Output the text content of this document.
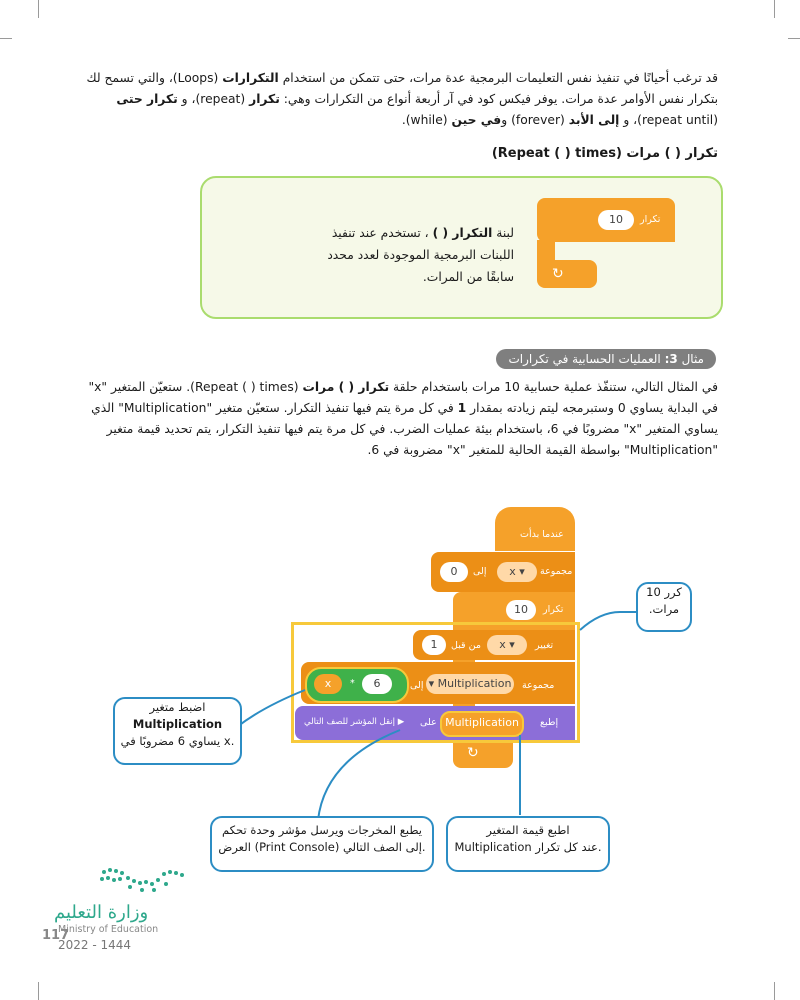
قد ترغب أحيانًا في تنفيذ نفس التعليمات البرمجية عدة مرات، حتى تتمكن من استخدام التكرارات (Loops)، والتي تسمح لك بتكرار نفس الأوامر عدة مرات. يوفر فيكس كود في آر أربعة أنواع من التكرارات وهي: تكرار (repeat)، و تكرار حتى (repeat until)، و إلى الأبد (forever) وفي حين (while).
تكرار ( ) مرات (Repeat ( ) times)
لبنة التكرار ( ) ، تستخدم عند تنفيذ اللبنات البرمجية الموجودة لعدد محدد سابقًا من المرات.
10	تكرار
↻
مثال 3: العمليات الحسابية في تكرارات
في المثال التالي، ستنفّذ عملية حسابية 10 مرات باستخدام حلقة تكرار ( ) مرات (Repeat ( ) times). ستعيّن المتغير "x" في البداية يساوي 0 وستبرمجه ليتم زيادته بمقدار 1 في كل مرة يتم فيها تنفيذ التكرار. ستعيّن متغير "Multiplication" الذي يساوي المتغير "x" مضروبًا في 6، باستخدام بيئة عمليات الضرب. في كل مرة يتم فيها تنفيذ التكرار، يتم تحديد قيمة متغير "Multiplication" بواسطة القيمة الحالية للمتغير "x" مضروبة في 6.
عندما بدأت
0	إلى	x ▾	مجموعة
10	تكرار
↻
1	من قبل	x ▾	تغيير
x	*	6	إلى ▾ Multiplication مجموعة
إنقل المؤشر للصف التالي ▶ على Multiplication	إطبع
كرر 10
مرات.
اضبط متغير
Multiplication
يساوي 6 مضروبًا في x.
يطبع المخرجات ويرسل مؤشر وحدة تحكم
العرض (Print Console) إلى الصف التالي.
اطبع قيمة المتغير
Multiplication عند كل تكرار.
وزارة التعليم
Ministry of Education
117
2022 - 1444
